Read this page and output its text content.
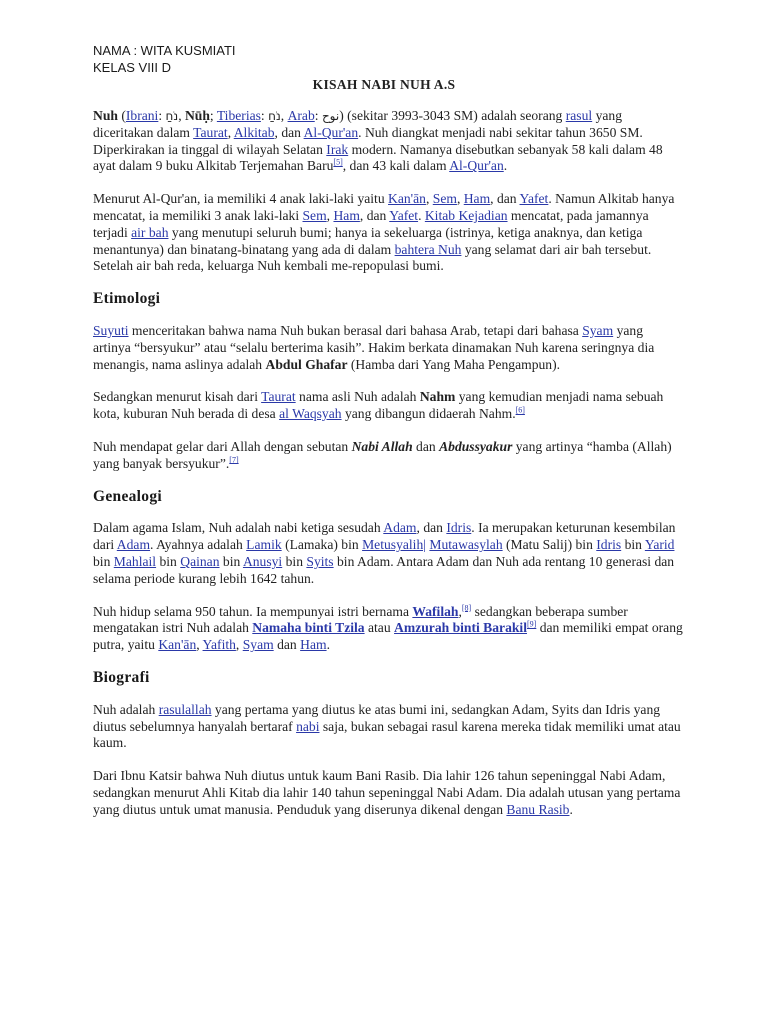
NAMA : WITA KUSMIATI
KELAS VIII D
KISAH NABI NUH A.S

Nuh (Ibrani: נֹחַ, Nūḥ; Tiberias: נֹחַ, Arab: نوح) (sekitar 3993-3043 SM) adalah seorang rasul yang diceritakan dalam Taurat, Alkitab, dan Al-Qur'an. Nuh diangkat menjadi nabi sekitar tahun 3650 SM. Diperkirakan ia tinggal di wilayah Selatan Irak modern. Namanya disebutkan sebanyak 58 kali dalam 48 ayat dalam 9 buku Alkitab Terjemahan Baru[5], dan 43 kali dalam Al-Qur'an.

Menurut Al-Qur'an, ia memiliki 4 anak laki-laki yaitu Kan'ān, Sem, Ham, dan Yafet. Namun Alkitab hanya mencatat, ia memiliki 3 anak laki-laki Sem, Ham, dan Yafet. Kitab Kejadian mencatat, pada jamannya terjadi air bah yang menutupi seluruh bumi; hanya ia sekeluarga (istrinya, ketiga anaknya, dan ketiga menantunya) dan binatang-binatang yang ada di dalam bahtera Nuh yang selamat dari air bah tersebut. Setelah air bah reda, keluarga Nuh kembali me-repopulasi bumi.

Etimologi

Suyuti menceritakan bahwa nama Nuh bukan berasal dari bahasa Arab, tetapi dari bahasa Syam yang artinya “bersyukur” atau “selalu berterima kasih”. Hakim berkata dinamakan Nuh karena seringnya dia menangis, nama aslinya adalah Abdul Ghafar (Hamba dari Yang Maha Pengampun).

Sedangkan menurut kisah dari Taurat nama asli Nuh adalah Nahm yang kemudian menjadi nama sebuah kota, kuburan Nuh berada di desa al Waqsyah yang dibangun didaerah Nahm.[6]

Nuh mendapat gelar dari Allah dengan sebutan Nabi Allah dan Abdussyakur yang artinya “hamba (Allah) yang banyak bersyukur”.[7]

Genealogi

Dalam agama Islam, Nuh adalah nabi ketiga sesudah Adam, dan Idris. Ia merupakan keturunan kesembilan dari Adam. Ayahnya adalah Lamik (Lamaka) bin Metusyalih| Mutawasylah (Matu Salij) bin Idris bin Yarid bin Mahlail bin Qainan bin Anusyi bin Syits bin Adam. Antara Adam dan Nuh ada rentang 10 generasi dan selama periode kurang lebih 1642 tahun.

Nuh hidup selama 950 tahun. Ia mempunyai istri bernama Wafilah,[8] sedangkan beberapa sumber mengatakan istri Nuh adalah Namaha binti Tzila atau Amzurah binti Barakil[9] dan memiliki empat orang putra, yaitu Kan'ān, Yafith, Syam dan Ham.

Biografi

Nuh adalah rasulallah yang pertama yang diutus ke atas bumi ini, sedangkan Adam, Syits dan Idris yang diutus sebelumnya hanyalah bertaraf nabi saja, bukan sebagai rasul karena mereka tidak memiliki umat atau kaum.

Dari Ibnu Katsir bahwa Nuh diutus untuk kaum Bani Rasib. Dia lahir 126 tahun sepeninggal Nabi Adam, sedangkan menurut Ahli Kitab dia lahir 140 tahun sepeninggal Nabi Adam. Dia adalah utusan yang pertama yang diutus untuk umat manusia. Penduduk yang diserunya dikenal dengan Banu Rasib.
